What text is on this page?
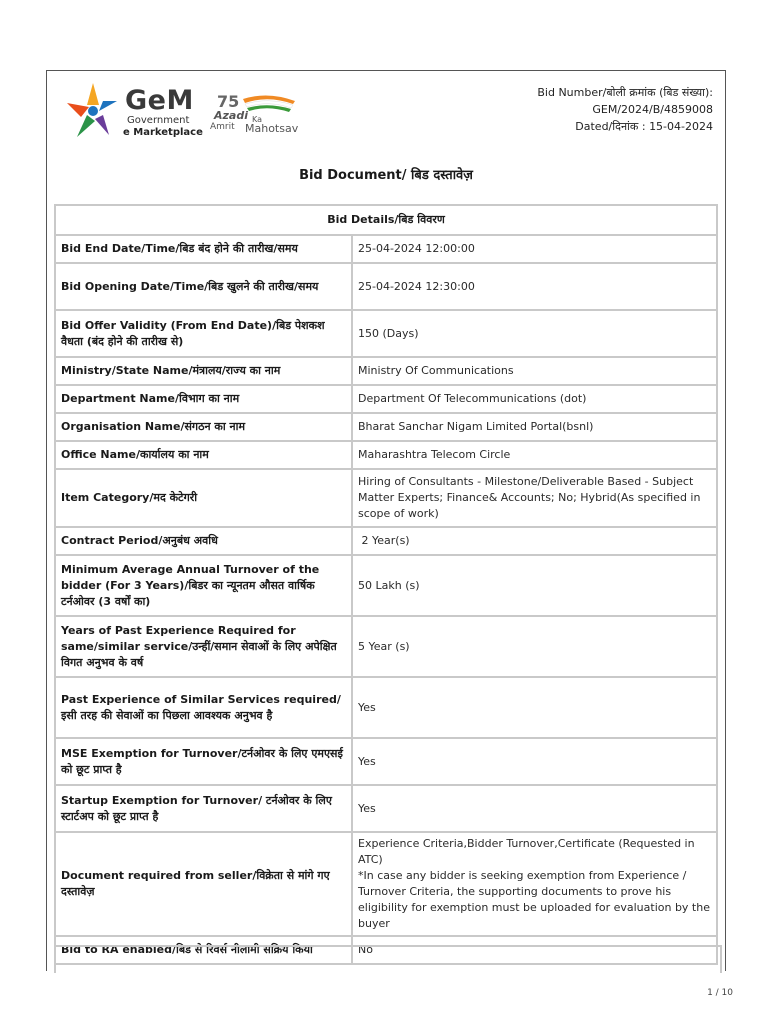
GeM
Government
e Marketplace
75
Azadi Ka
Amrit Mahotsav
Bid Number/बोली क्रमांक (बिड संख्या):
GEM/2024/B/4859008
Dated/दिनांक : 15-04-2024
Bid Document/ बिड दस्तावेज़
Bid Details/बिड विवरण	
Bid End Date/Time/बिड बंद होने की तारीख/समय	25-04-2024 12:00:00
Bid Opening Date/Time/बिड खुलने की तारीख/समय	25-04-2024 12:30:00
Bid Offer Validity (From End Date)/बिड पेशकश वैधता (बंद होने की तारीख से)	150 (Days)
Ministry/State Name/मंत्रालय/राज्य का नाम	Ministry Of Communications
Department Name/विभाग का नाम	Department Of Telecommunications (dot)
Organisation Name/संगठन का नाम	Bharat Sanchar Nigam Limited Portal(bsnl)
Office Name/कार्यालय का नाम	Maharashtra Telecom Circle
Item Category/मद केटेगरी	Hiring of Consultants - Milestone/Deliverable Based - Subject Matter Experts; Finance& Accounts; No; Hybrid(As specified in scope of work)
Contract Period/अनुबंध अवधि	2 Year(s)
Minimum Average Annual Turnover of the bidder (For 3 Years)/बिडर का न्यूनतम औसत वार्षिक टर्नओवर (3 वर्षों का)	50 Lakh (s)
Years of Past Experience Required for same/similar service/उन्हीं/समान सेवाओं के लिए अपेक्षित विगत अनुभव के वर्ष	5 Year (s)
Past Experience of Similar Services required/इसी तरह की सेवाओं का पिछला आवश्यक अनुभव है	Yes
MSE Exemption for Turnover/टर्नओवर के लिए एमएसई को छूट प्राप्त है	Yes
Startup Exemption for Turnover/ टर्नओवर के लिए स्टार्टअप को छूट प्राप्त है	Yes
Document required from seller/विक्रेता से मांगे गए दस्तावेज़	Experience Criteria,Bidder Turnover,Certificate (Requested in ATC)
*In case any bidder is seeking exemption from Experience / Turnover Criteria, the supporting documents to prove his eligibility for exemption must be uploaded for evaluation by the buyer
Bid to RA enabled/बिड से रिवर्स नीलामी सक्रिय किया	No
1 / 10
